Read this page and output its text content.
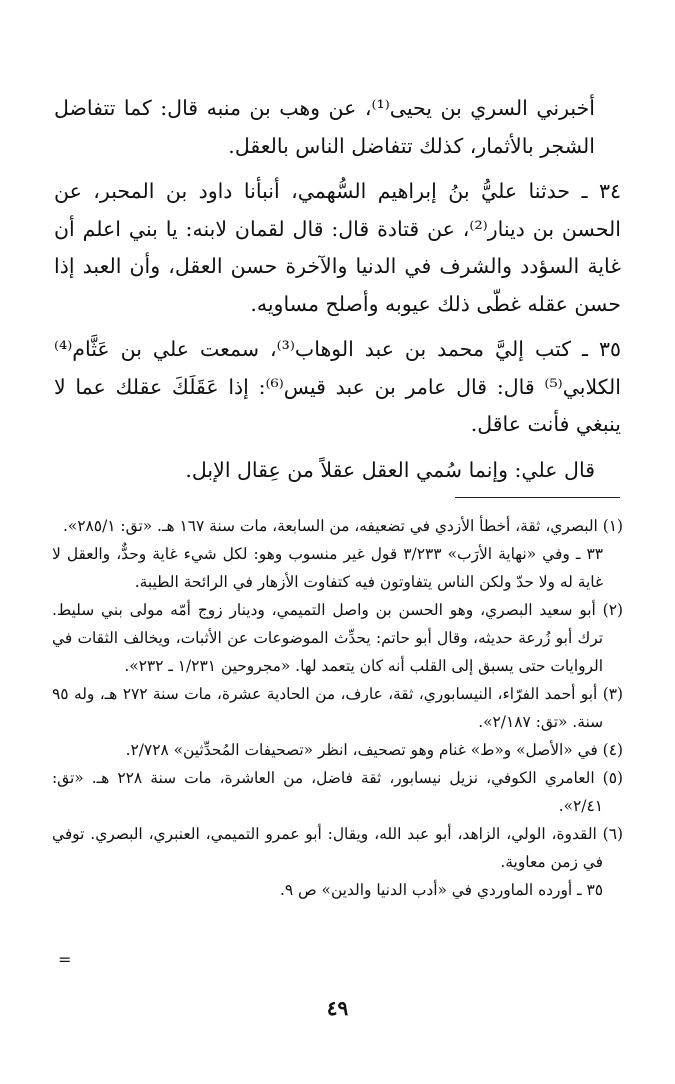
أخبرني السري بن يحيى⁽¹⁾، عن وهب بن منبه قال: كما تتفاضل الشجر بالأثمار، كذلك تتفاضل الناس بالعقل.

٣٤ ـ حدثنا عليُّ بنُ إبراهيم السُّهمي، أنبأنا داود بن المحبر، عن الحسن بن دينار⁽²⁾، عن قتادة قال: قال لقمان لابنه: يا بني اعلم أن غاية السؤدد والشرف في الدنيا والآخرة حسن العقل، وأن العبد إذا حسن عقله غطّى ذلك عيوبه وأصلح مساويه.

٣٥ ـ كتب إليَّ محمد بن عبد الوهاب⁽³⁾، سمعت علي بن عَثَّام⁽⁴⁾ الكلابي⁽⁵⁾ قال: قال عامر بن عبد قيس⁽⁶⁾: إذا عَقَلَكَ عقلك عما لا ينبغي فأنت عاقل.

قال علي: وإنما سُمي العقل عقلاً من عِقال الإبل.

(١) البصري، ثقة، أخطأ الأزدي في تضعيفه، من السابعة، مات سنة ١٦٧ هـ. «تق: ٢٨٥/١».

٣٣ ـ وفي «نهاية الأرَب» ٣/٢٣٣ قول غير منسوب وهو: لكل شيء غاية وحدٌّ، والعقل لا غاية له ولا حدّ ولكن الناس يتفاوتون فيه كتفاوت الأزهار في الرائحة الطيبة.

(٢) أبو سعيد البصري، وهو الحسن بن واصل التميمي، ودينار زوج أمّه مولى بني سليط. ترك أبو زُرعة حديثه، وقال أبو حاتم: يحدِّث الموضوعات عن الأثبات، ويخالف الثقات في الروايات حتى يسبق إلى القلب أنه كان يتعمد لها. «مجروحين ١/٢٣١ ـ ٢٣٢».

(٣) أبو أحمد الفرّاء، النيسابوري، ثقة، عارف، من الحادية عشرة، مات سنة ٢٧٢ هـ، وله ٩٥ سنة. «تق: ٢/١٨٧».

(٤) في «الأصل» و«ط» غنام وهو تصحيف، انظر «تصحيفات المُحدِّثين» ٢/٧٢٨.

(٥) العامري الكوفي، نزيل نيسابور، ثقة فاضل، من العاشرة، مات سنة ٢٢٨ هـ. «تق: ٢/٤١».

(٦) القدوة، الولي، الزاهد، أبو عبد الله، ويقال: أبو عمرو التميمي، العنبري، البصري. توفي في زمن معاوية.

٣٥ ـ أورده الماوردي في «أدب الدنيا والدين» ص ٩.

=
٤٩
